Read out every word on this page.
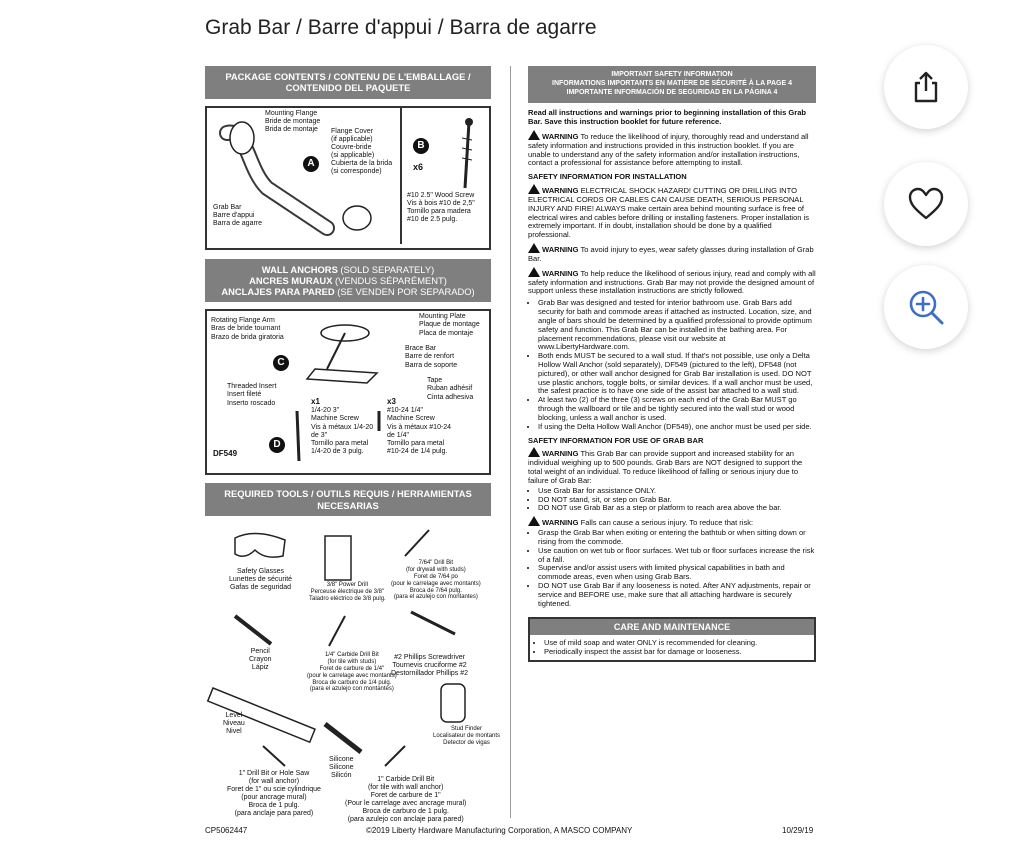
Grab Bar / Barre d'appui / Barra de agarre
PACKAGE CONTENTS / CONTENU DE L'EMBALLAGE / CONTENIDO DEL PAQUETE
Mounting Flange
Bride de montage
Brida de montaje	Flange Cover
(if applicable)
Couvre-bride
(si applicable)
Cubierta de la brida
(si corresponde)
Grab Bar
Barre d'appui
Barra de agarre
A
B
x6
#10 2.5" Wood Screw
Vis à bois #10 de 2,5"
Tornillo para madera
#10 de 2.5 pulg.
WALL ANCHORS (SOLD SEPARATELY)
ANCRES MURAUX (VENDUS SÉPARÉMENT)
ANCLAJES PARA PARED (SE VENDEN POR SEPARADO)
Rotating Flange Arm
Bras de bride tournant
Brazo de brida giratoria
Mounting Plate
Plaque de montage
Placa de montaje
Brace Bar
Barre de renfort
Barra de soporte
Tape
Ruban adhésif
Cinta adhesiva
Threaded Insert
Insert fileté
Inserto roscado
C
x1
1/4-20 3"
Machine Screw
Vis à métaux 1/4-20
de 3"
Tornillo para metal
1/4-20 de 3 pulg.
x3
#10-24 1/4"
Machine Screw
Vis à métaux #10-24
de 1/4"
Tornillo para metal
#10-24 de 1/4 pulg.
DF549
D
REQUIRED TOOLS / OUTILS REQUIS / HERRAMIENTAS NECESARIAS
Safety Glasses
Lunettes de sécurité
Gafas de seguridad	3/8" Power Drill
Perceuse électrique de 3/8"
Taladro eléctrico de 3/8 pulg.
7/64" Drill Bit
(for drywall with studs)
Foret de 7/64 po
(pour le carrelage avec montants)
Broca de 7/64 pulg.
(para el azulejo con montantes)
Pencil
Crayon
Lápiz
1/4" Carbide Drill Bit
(for tile with studs)
Foret de carbure de 1/4"
(pour le carrelage avec montants)
Broca de carburo de 1/4 pulg.
(para el azulejo con montantes)
#2 Phillips Screwdriver
Tournevis cruciforme #2
Destornillador Phillips #2
Level
Niveau
Nivel
Silicone
Silicone
Silicón
Stud Finder
Localisateur de montants
Detector de vigas
1" Drill Bit or Hole Saw
(for wall anchor)
Foret de 1" ou scie cylindrique
(pour ancrage mural)
Broca de 1 pulg.
(para anclaje para pared)
1" Carbide Drill Bit
(for tile with wall anchor)
Foret de carbure de 1"
(Pour le carrelage avec ancrage mural)
Broca de carburo de 1 pulg.
(para azulejo con anclaje para pared)
IMPORTANT SAFETY INFORMATION
INFORMATIONS IMPORTANTS EN MATIÈRE DE SÉCURITÉ À LA PAGE 4
IMPORTANTE INFORMACIÓN DE SEGURIDAD EN LA PÁGINA 4

Read all instructions and warnings prior to beginning installation of this Grab Bar. Save this instruction booklet for future reference.

WARNING To reduce the likelihood of injury, thoroughly read and understand all safety information and instructions provided in this instruction booklet. If you are unable to understand any of the safety information and/or installation instructions, contact a professional for assistance before attempting to install.

SAFETY INFORMATION FOR INSTALLATION

WARNING ELECTRICAL SHOCK HAZARD! CUTTING OR DRILLING INTO ELECTRICAL CORDS OR CABLES CAN CAUSE DEATH, SERIOUS PERSONAL INJURY AND FIRE! ALWAYS make certain area behind mounting surface is free of electrical wires and cables before drilling or installing fasteners. Proper installation is extremely important. If in doubt, installation should be done by a qualified professional.

WARNING To avoid injury to eyes, wear safety glasses during installation of Grab Bar.

WARNING To help reduce the likelihood of serious injury, read and comply with all safety information and instructions. Grab Bar may not provide the designed amount of support unless these installation instructions are strictly followed.

• Grab Bar was designed and tested for interior bathroom use. Grab Bars add security for bath and commode areas if attached as instructed. Location, size, and angle of bars should be determined by a qualified professional to provide optimum safety and function. This Grab Bar can be installed in the bathing area. For placement recommendations, please visit our website at www.LibertyHardware.com.
• Both ends MUST be secured to a wall stud. If that's not possible, use only a Delta Hollow Wall Anchor (sold separately), DF549 (pictured to the left), DF548 (not pictured), or other wall anchor designed for Grab Bar installation is used. DO NOT use plastic anchors, toggle bolts, or similar devices. If a wall anchor must be used, the safest practice is to have one side of the assist bar attached to a wall stud.
• At least two (2) of the three (3) screws on each end of the Grab Bar MUST go through the wallboard or tile and be tightly secured into the wall stud or wood blocking, unless a wall anchor is used.
• If using the Delta Hollow Wall Anchor (DF549), one anchor must be used per side.
SAFETY INFORMATION FOR USE OF GRAB BAR

WARNING This Grab Bar can provide support and increased stability for an individual weighing up to 500 pounds. Grab Bars are NOT designed to support the total weight of an individual. To reduce likelihood of falling or serious injury due to failure of Grab Bar:

• Use Grab Bar for assistance ONLY.
• DO NOT stand, sit, or step on Grab Bar.
• DO NOT use Grab Bar as a step or platform to reach area above the bar.

WARNING Falls can cause a serious injury. To reduce that risk:

• Grasp the Grab Bar when exiting or entering the bathtub or when sitting down or rising from the commode.
• Use caution on wet tub or floor surfaces. Wet tub or floor surfaces increase the risk of a fall.
• Supervise and/or assist users with limited physical capabilities in bath and commode areas, even when using Grab Bars.
• DO NOT use Grab Bar if any looseness is noted. After ANY adjustments, repair or service and BEFORE use, make sure that all attaching hardware is securely tightened.
CARE AND MAINTENANCE
• Use of mild soap and water ONLY is recommended for cleaning.
• Periodically inspect the assist bar for damage or looseness.
CP5062447	©2019 Liberty Hardware Manufacturing Corporation, A MASCO COMPANY	10/29/19
